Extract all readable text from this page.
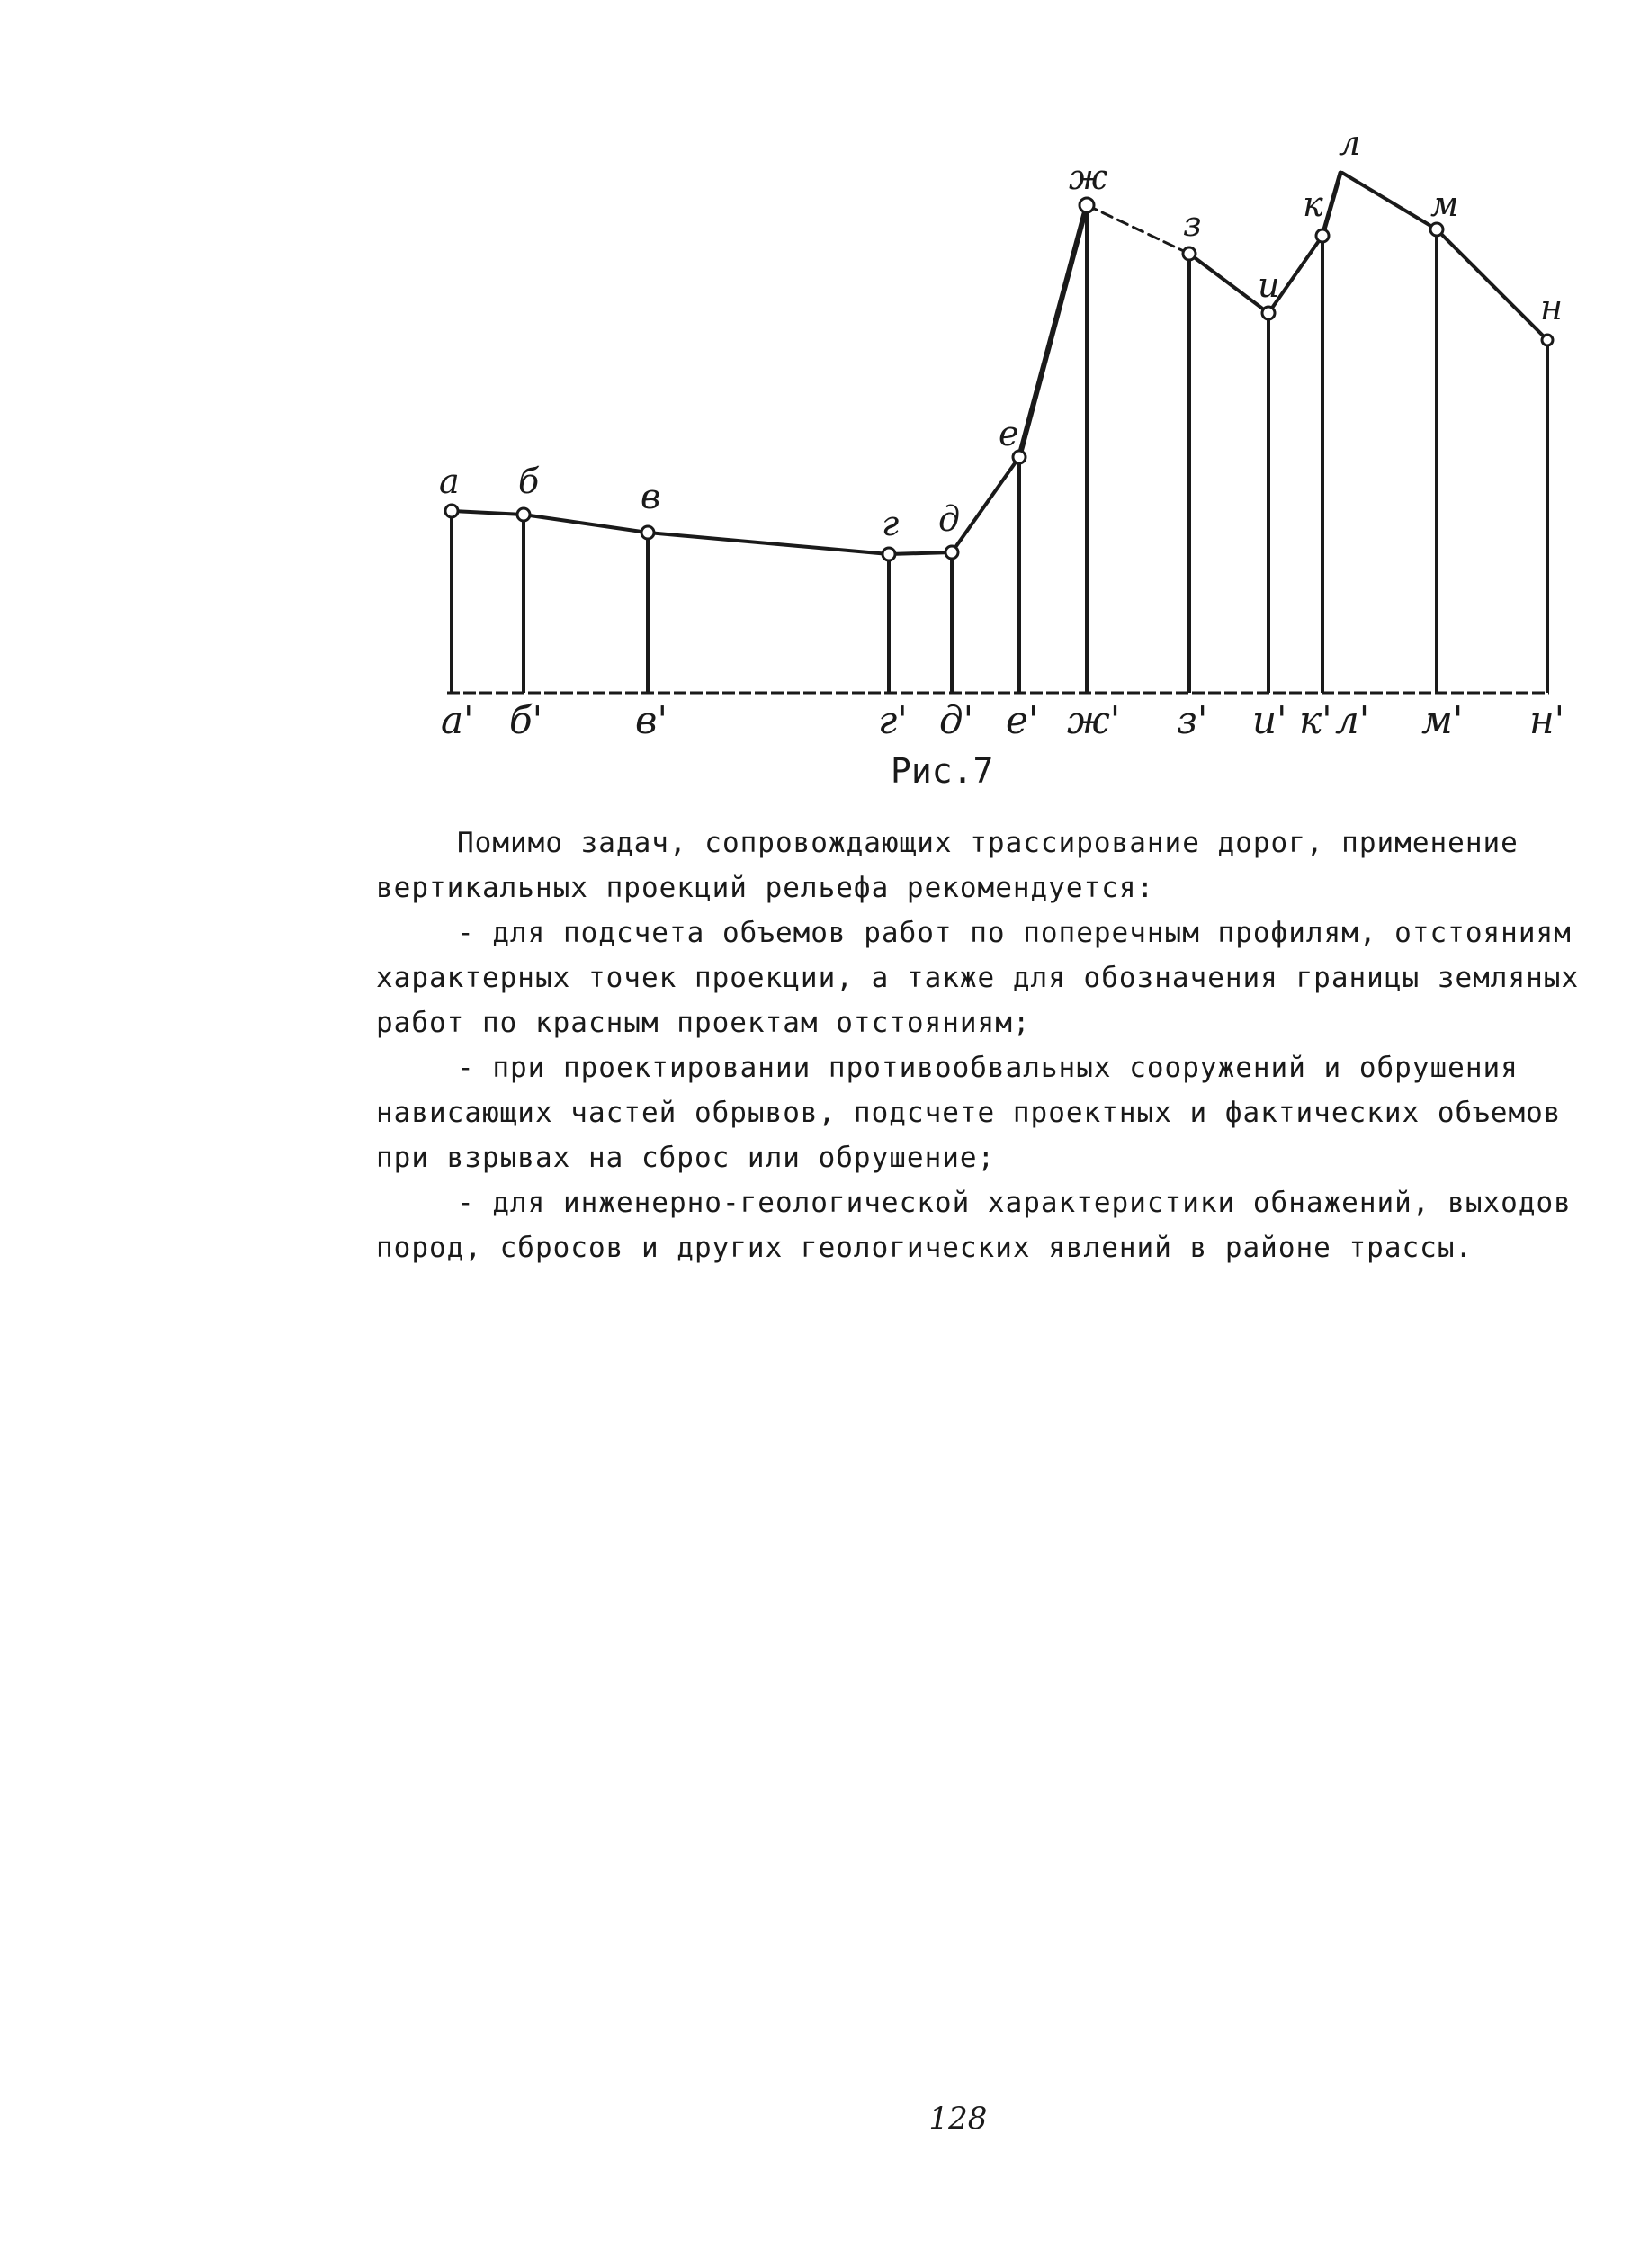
а б	в
г д
е
ж
з
и
к
л
м
н
а' б' в'	г' д' е' ж' з' и' к' л' м' н'
Рис.7

Помимо задач, сопровождающих трассирование дорог, применение вертикальных проекций рельефа рекомендуется:

- для подсчета объемов работ по поперечным профилям, отстояниям характерных точек проекции, а также для обозначения границы земляных работ по красным проектам отстояниям;

- при проектировании противообвальных сооружений и обрушения нависающих частей обрывов, подсчете проектных и фактических объемов при взрывах на сброс или обрушение;

- для инженерно-геологической характеристики обнажений, выходов пород, сбросов и других геологических явлений в районе трассы.

128
